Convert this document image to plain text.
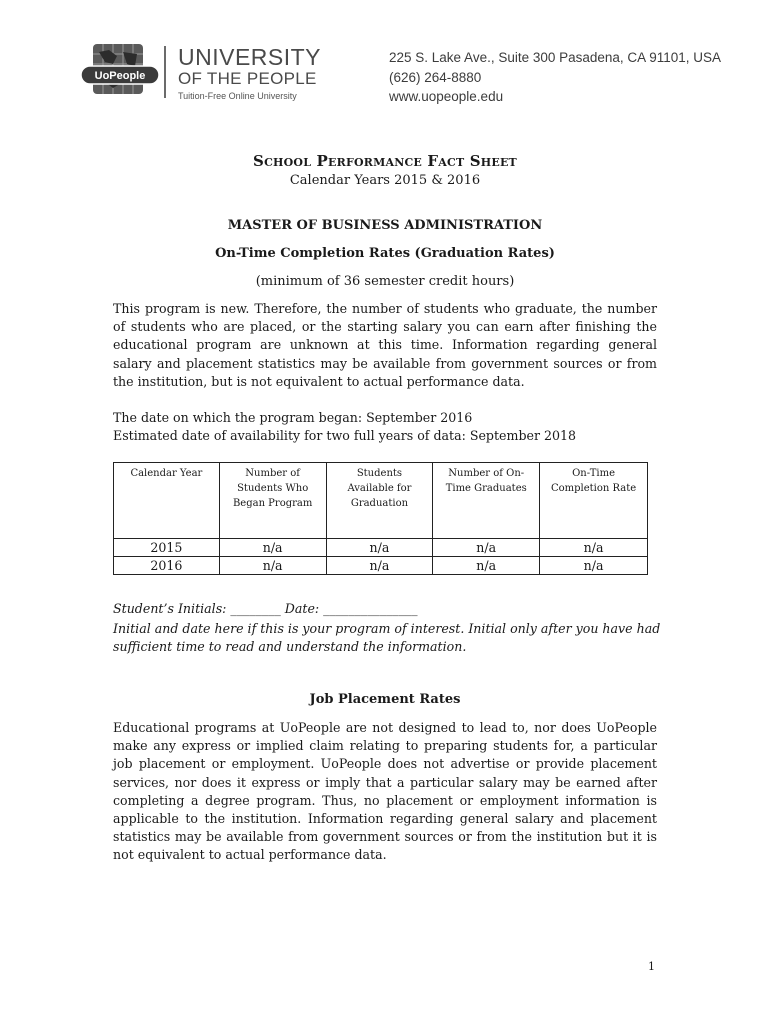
UoPeople
UNIVERSITY
OF THE PEOPLE
Tuition-Free Online University
225 S. Lake Ave., Suite 300 Pasadena, CA 91101, USA
(626) 264-8880
www.uopeople.edu
School Performance Fact Sheet
Calendar Years 2015 & 2016
MASTER OF BUSINESS ADMINISTRATION
On-Time Completion Rates (Graduation Rates)
(minimum of 36 semester credit hours)
This program is new. Therefore, the number of students who graduate, the number of students who are placed, or the starting salary you can earn after finishing the educational program are unknown at this time. Information regarding general salary and placement statistics may be available from government sources or from the institution, but is not equivalent to actual performance data.
The date on which the program began: September 2016
Estimated date of availability for two full years of data: September 2018
Calendar Year	Number of Students Who Began Program	Students Available for Graduation	Number of On-Time Graduates	On-Time Completion Rate
2015	n/a	n/a	n/a	n/a
2016	n/a	n/a	n/a	n/a
Student’s Initials: ________ Date: _______________
Initial and date here if this is your program of interest. Initial only after you have had sufficient time to read and understand the information.
Job Placement Rates
Educational programs at UoPeople are not designed to lead to, nor does UoPeople make any express or implied claim relating to preparing students for, a particular job placement or employment. UoPeople does not advertise or provide placement services, nor does it express or imply that a particular salary may be earned after completing a degree program. Thus, no placement or employment information is applicable to the institution. Information regarding general salary and placement statistics may be available from government sources or from the institution but it is not equivalent to actual performance data.
1
